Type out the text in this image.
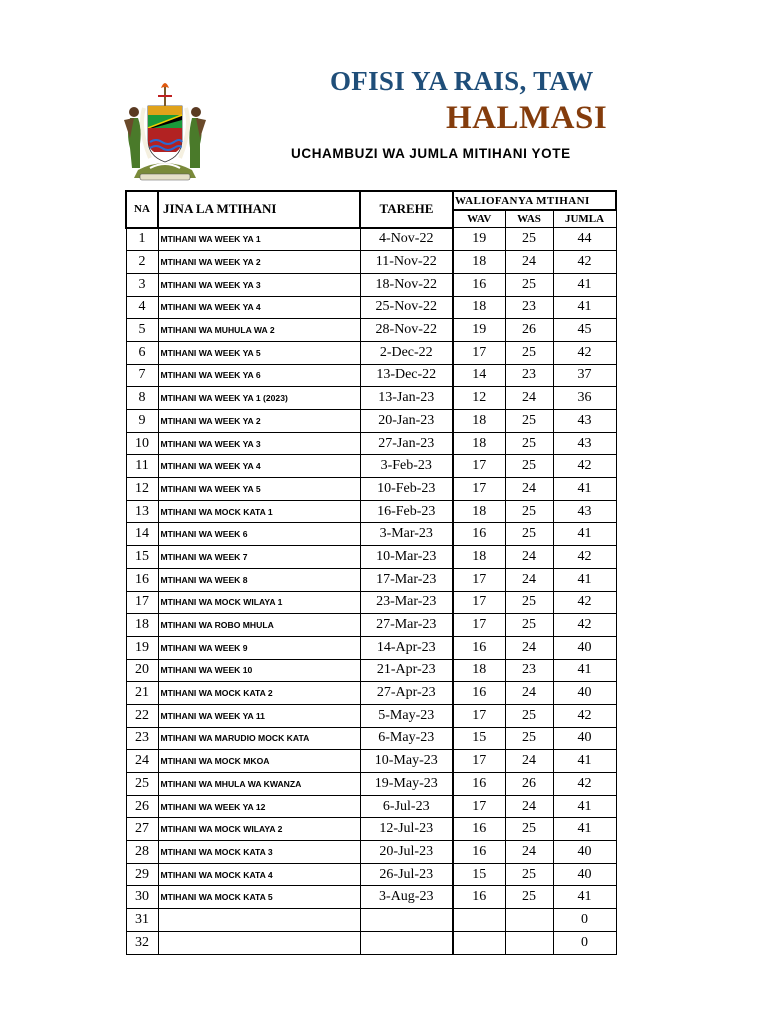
OFISI YA RAIS, TAW
HALMASI
UCHAMBUZI WA JUMLA MITIHANI YOTE
NA	JINA LA MTIHANI	TAREHE	WALIOFANYA MTIHANI		
			WAV	WAS	JUMLA
1	MTIHANI WA WEEK YA 1	4-Nov-22	19	25	44
2	MTIHANI WA WEEK YA 2	11-Nov-22	18	24	42
3	MTIHANI WA WEEK YA 3	18-Nov-22	16	25	41
4	MTIHANI WA WEEK YA 4	25-Nov-22	18	23	41
5	MTIHANI WA MUHULA WA 2	28-Nov-22	19	26	45
6	MTIHANI WA WEEK YA 5	2-Dec-22	17	25	42
7	MTIHANI WA WEEK YA 6	13-Dec-22	14	23	37
8	MTIHANI WA WEEK YA 1 (2023)	13-Jan-23	12	24	36
9	MTIHANI WA WEEK YA 2	20-Jan-23	18	25	43
10	MTIHANI WA WEEK YA 3	27-Jan-23	18	25	43
11	MTIHANI WA WEEK YA 4	3-Feb-23	17	25	42
12	MTIHANI WA WEEK YA 5	10-Feb-23	17	24	41
13	MTIHANI WA MOCK KATA 1	16-Feb-23	18	25	43
14	MTIHANI WA WEEK 6	3-Mar-23	16	25	41
15	MTIHANI WA WEEK 7	10-Mar-23	18	24	42
16	MTIHANI WA WEEK 8	17-Mar-23	17	24	41
17	MTIHANI WA MOCK WILAYA 1	23-Mar-23	17	25	42
18	MTIHANI WA ROBO MHULA	27-Mar-23	17	25	42
19	MTIHANI WA WEEK 9	14-Apr-23	16	24	40
20	MTIHANI WA WEEK 10	21-Apr-23	18	23	41
21	MTIHANI WA MOCK KATA 2	27-Apr-23	16	24	40
22	MTIHANI WA WEEK YA 11	5-May-23	17	25	42
23	MTIHANI WA MARUDIO MOCK KATA	6-May-23	15	25	40
24	MTIHANI WA MOCK MKOA	10-May-23	17	24	41
25	MTIHANI WA MHULA WA KWANZA	19-May-23	16	26	42
26	MTIHANI WA WEEK YA 12	6-Jul-23	17	24	41
27	MTIHANI WA MOCK WILAYA 2	12-Jul-23	16	25	41
28	MTIHANI WA MOCK KATA 3	20-Jul-23	16	24	40
29	MTIHANI WA MOCK KATA 4	26-Jul-23	15	25	40
30	MTIHANI WA MOCK KATA 5	3-Aug-23	16	25	41
31					0
32					0
